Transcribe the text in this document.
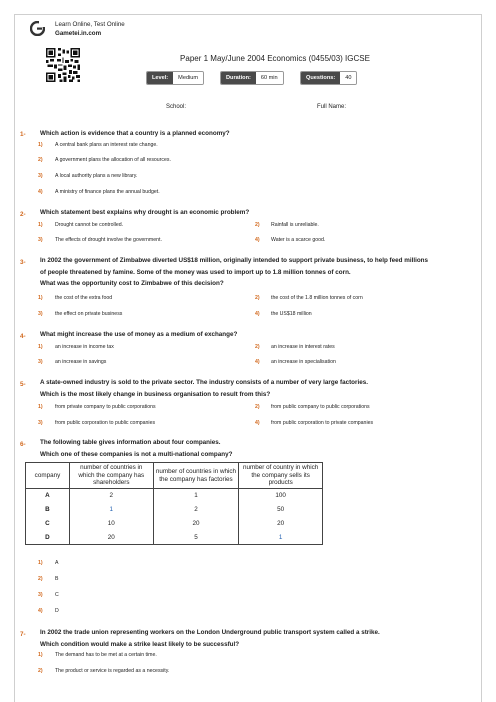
Learn Online, Test Online
Gametei.in.com
Paper 1 May/June 2004 Economics (0455/03) IGCSE
Level:	Medium	Duration:	60 min	Questions:	40
School:	Full Name:
1- Which action is evidence that a country is a planned economy?
1) A central bank plans an interest rate change.
2) A government plans the allocation of all resources.
3) A local authority plans a new library.
4) A ministry of finance plans the annual budget.
2- Which statement best explains why drought is an economic problem?
1) Drought cannot be controlled.	2) Rainfall is unreliable.
3) The effects of drought involve the government.	4) Water is a scarce good.
3- In 2002 the government of Zimbabwe diverted US$18 million, originally intended to support private business, to help feed millions
of people threatened by famine. Some of the money was used to import up to 1.8 million tonnes of corn.
What was the opportunity cost to Zimbabwe of this decision?
1) the cost of the extra food	2) the cost of the 1.8 million tonnes of corn
3) the effect on private business	4) the US$18 million
4- What might increase the use of money as a medium of exchange?
1) an increase in income tax	2) an increase in interest rates
3) an increase in savings	4) an increase in specialisation
5- A state-owned industry is sold to the private sector. The industry consists of a number of very large factories.
Which is the most likely change in business organisation to result from this?
1) from private company to public corporations	2) from public company to public corporations
3) from public corporation to public companies	4) from public corporation to private companies
6- The following table gives information about four companies.
Which one of these companies is not a multi-national company?
company	number of countries in which the company has shareholders	number of countries in which the company has factories	number of country in which the company sells its products
A	2	1	100
B	1	2	50
C	10	20	20
D	20	5	1
1) A
2) B
3) C
4) D
7- In 2002 the trade union representing workers on the London Underground public transport system called a strike.
Which condition would make a strike least likely to be successful?
1) The demand has to be met at a certain time.
2) The product or service is regarded as a necessity.
